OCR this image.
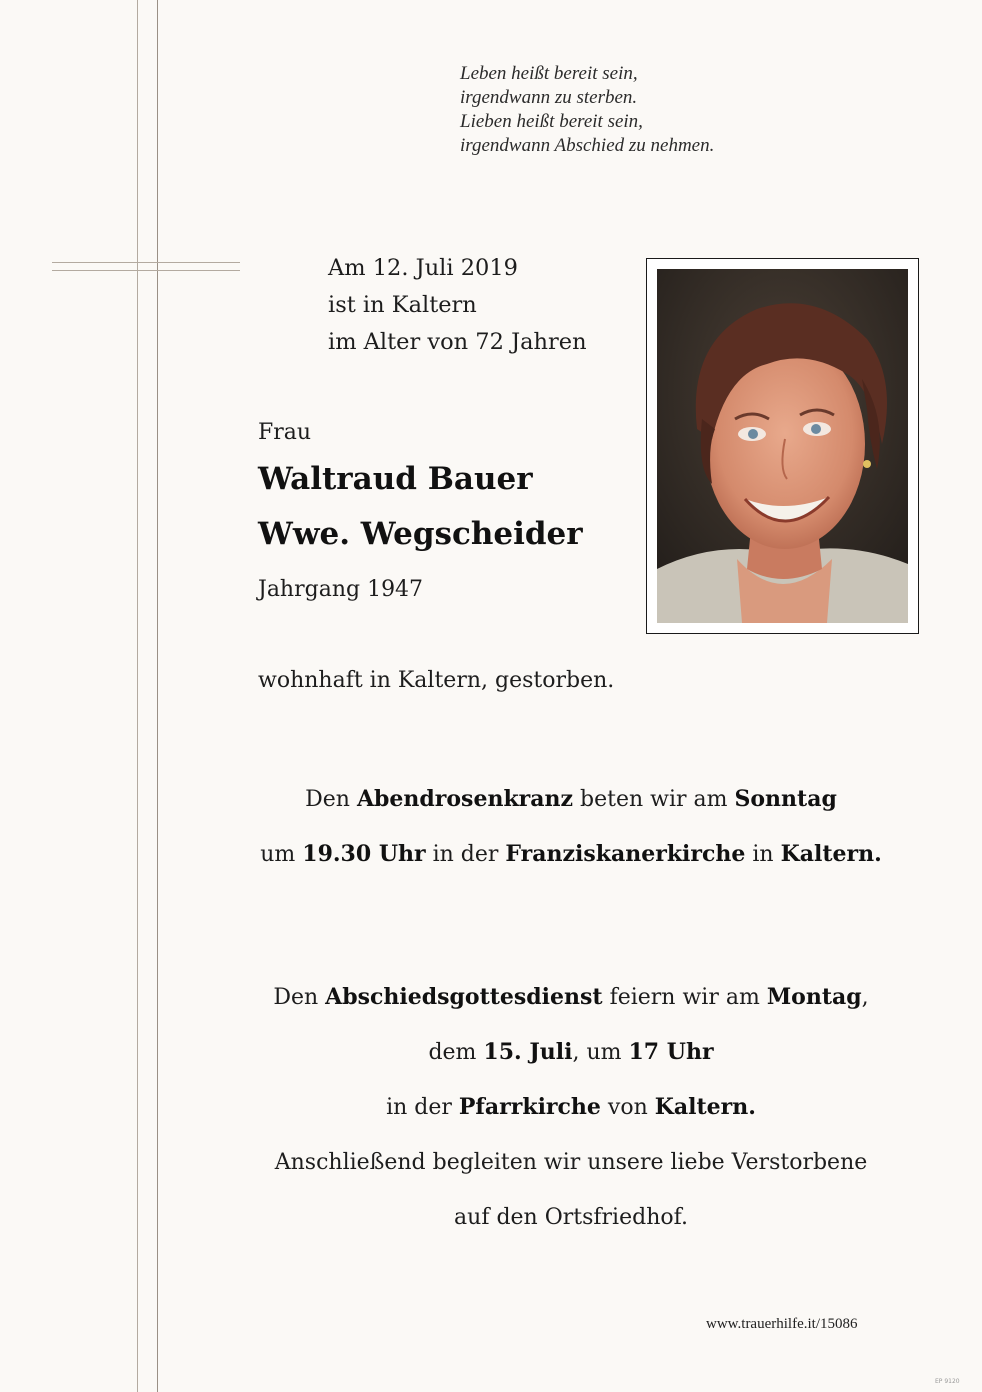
Leben heißt bereit sein,
irgendwann zu sterben.
Lieben heißt bereit sein,
irgendwann Abschied zu nehmen.
Am 12. Juli 2019
ist in Kaltern
im Alter von 72 Jahren
Frau
Waltraud Bauer
Wwe. Wegscheider
Jahrgang 1947
wohnhaft in Kaltern, gestorben.
Den Abendrosenkranz beten wir am Sonntag
um 19.30 Uhr in der Franziskanerkirche in Kaltern.
Den Abschiedsgottesdienst feiern wir am Montag,
dem 15. Juli, um 17 Uhr
in der Pfarrkirche von Kaltern.
Anschließend begleiten wir unsere liebe Verstorbene
auf den Ortsfriedhof.
www.trauerhilfe.it/15086
EP 9120
